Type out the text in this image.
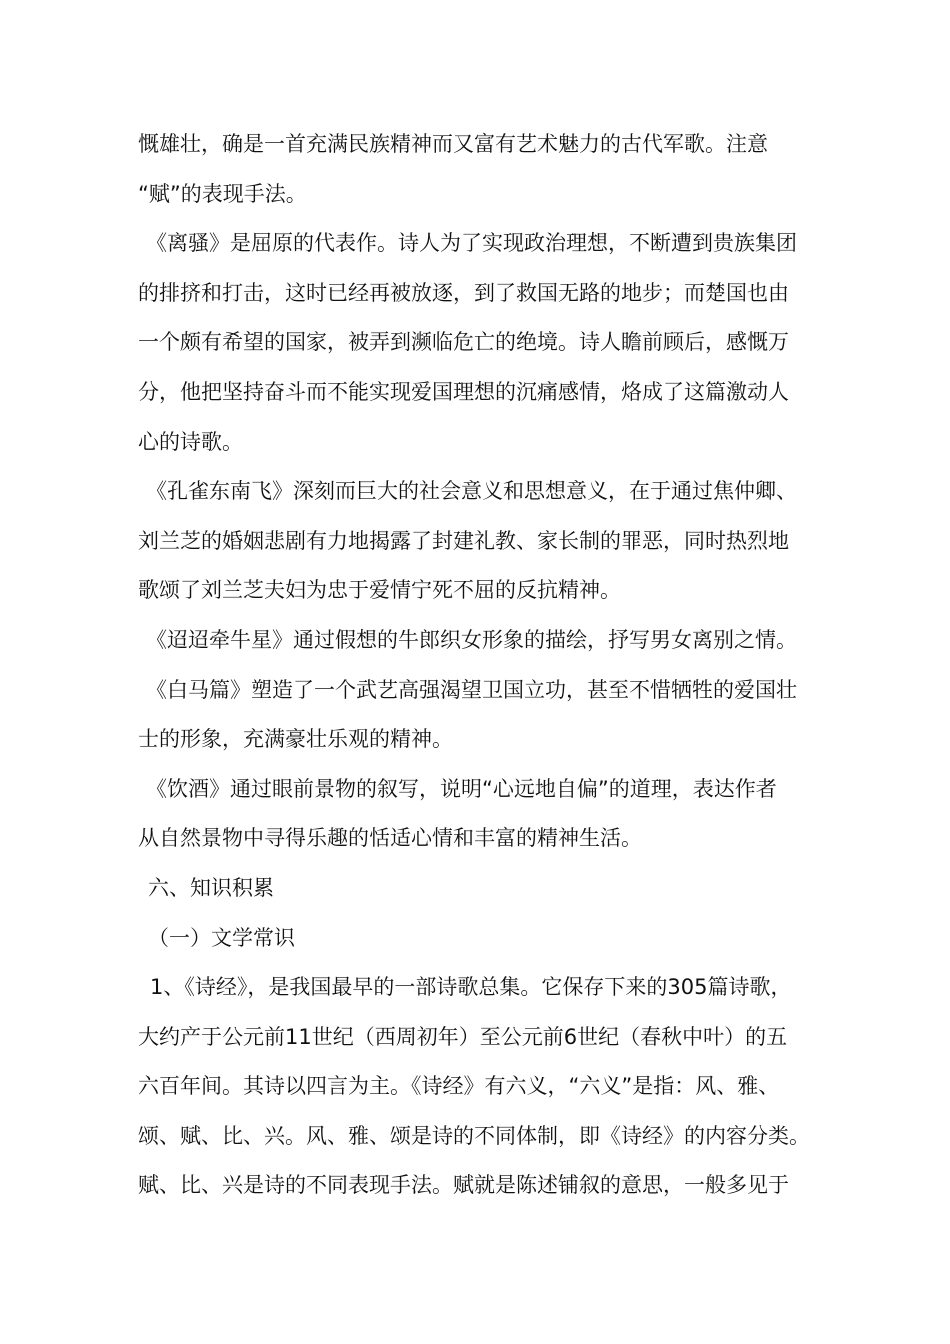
慨雄壮，确是一首充满民族精神而又富有艺术魅力的古代军歌。注意
“赋”的表现手法。
《离骚》是屈原的代表作。诗人为了实现政治理想，不断遭到贵族集团
的排挤和打击，这时已经再被放逐，到了救国无路的地步；而楚国也由
一个颇有希望的国家，被弄到濒临危亡的绝境。诗人瞻前顾后，感慨万
分，他把坚持奋斗而不能实现爱国理想的沉痛感情，烙成了这篇激动人
心的诗歌。
《孔雀东南飞》深刻而巨大的社会意义和思想意义，在于通过焦仲卿、
刘兰芝的婚姻悲剧有力地揭露了封建礼教、家长制的罪恶，同时热烈地
歌颂了刘兰芝夫妇为忠于爱情宁死不屈的反抗精神。
《迢迢牵牛星》通过假想的牛郎织女形象的描绘，抒写男女离别之情。
《白马篇》塑造了一个武艺高强渴望卫国立功，甚至不惜牺牲的爱国壮
士的形象，充满豪壮乐观的精神。
《饮酒》通过眼前景物的叙写，说明“心远地自偏”的道理，表达作者
从自然景物中寻得乐趣的恬适心情和丰富的精神生活。
六、知识积累
（一）文学常识
1、《诗经》，是我国最早的一部诗歌总集。它保存下来的305篇诗歌，
大约产于公元前11世纪（西周初年）至公元前6世纪（春秋中叶）的五
六百年间。其诗以四言为主。《诗经》有六义，“六义”是指：风、雅、
颂、赋、比、兴。风、雅、颂是诗的不同体制，即《诗经》的内容分类。
赋、比、兴是诗的不同表现手法。赋就是陈述铺叙的意思，一般多见于
